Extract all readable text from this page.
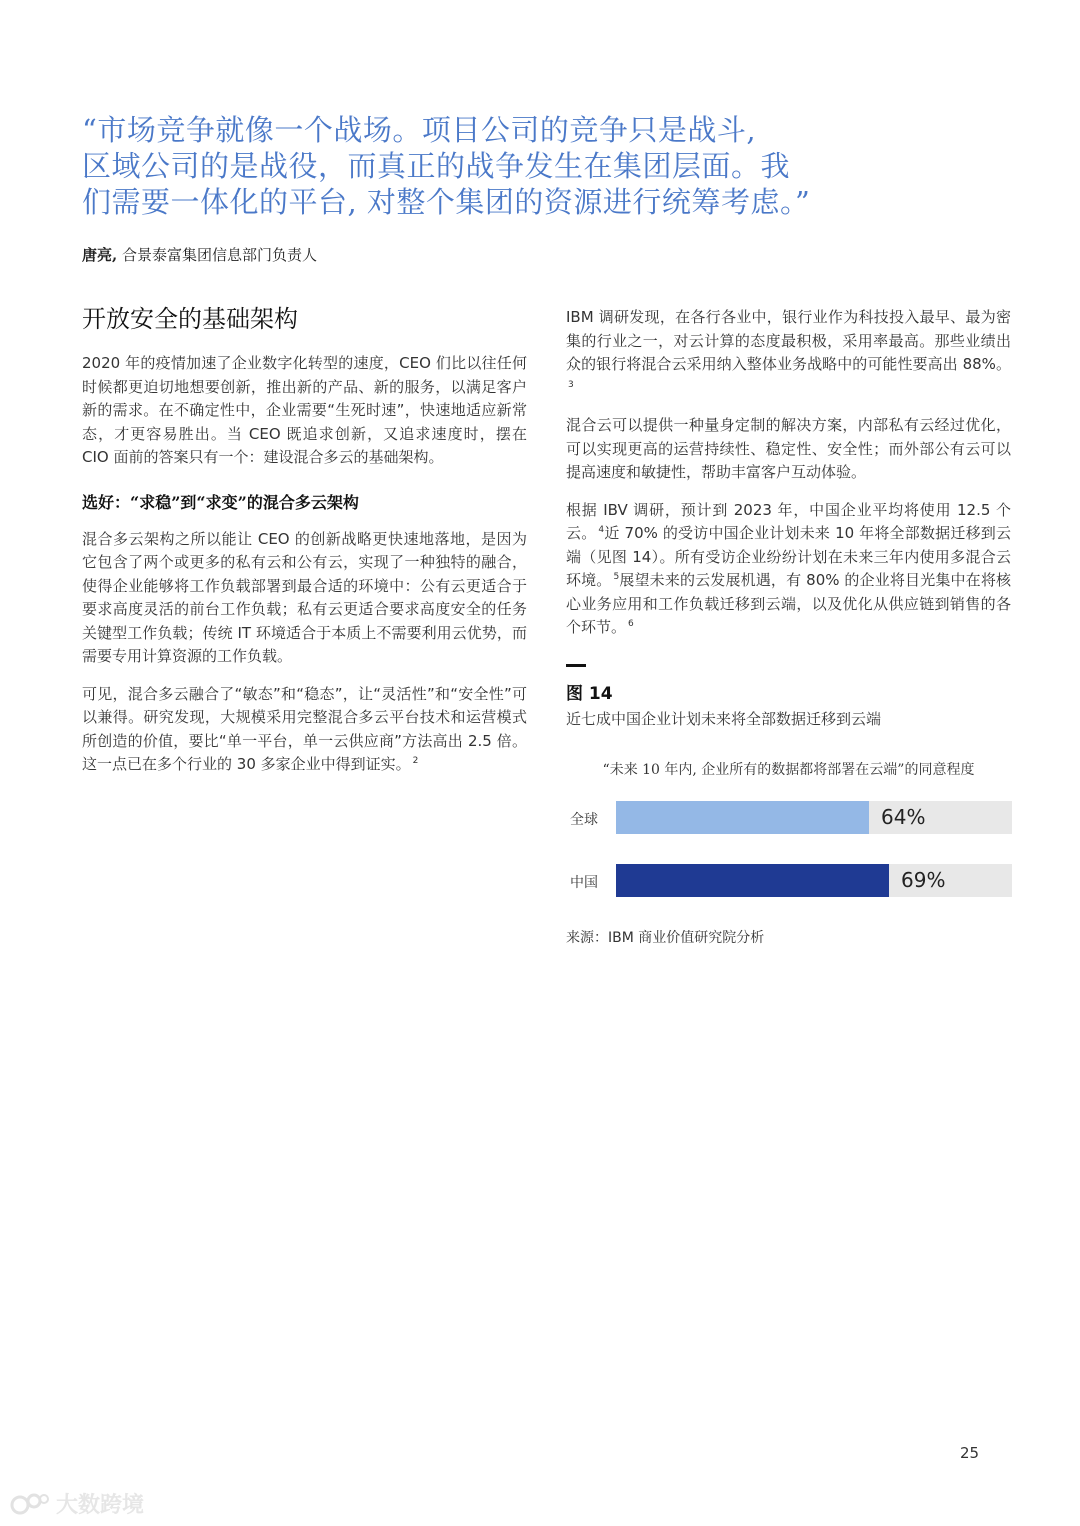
“市场竞争就像一个战场。项目公司的竞争只是战斗,
区域公司的是战役，而真正的战争发生在集团层面。我
们需要一体化的平台, 对整个集团的资源进行统筹考虑。”
唐亮, 合景泰富集团信息部门负责人
开放安全的基础架构

2020 年的疫情加速了企业数字化转型的速度，CEO 们比以往任何时候都更迫切地想要创新，推出新的产品、新的服务，以满足客户新的需求。在不确定性中，企业需要“生死时速”，快速地适应新常态，才更容易胜出。当 CEO 既追求创新，又追求速度时，摆在 CIO 面前的答案只有一个：建设混合多云的基础架构。

选好：“求稳”到“求变”的混合多云架构

混合多云架构之所以能让 CEO 的创新战略更快速地落地，是因为它包含了两个或更多的私有云和公有云，实现了一种独特的融合，使得企业能够将工作负载部署到最合适的环境中：公有云更适合于要求高度灵活的前台工作负载；私有云更适合要求高度安全的任务关键型工作负载；传统 IT 环境适合于本质上不需要利用云优势，而需要专用计算资源的工作负载。

可见，混合多云融合了“敏态”和“稳态”，让“灵活性”和“安全性”可以兼得。研究发现，大规模采用完整混合多云平台技术和运营模式所创造的价值，要比“单一平台，单一云供应商”方法高出 2.5 倍。这一点已在多个行业的 30 多家企业中得到证实。 $^2$

IBM 调研发现，在各行各业中，银行业作为科技投入最早、最为密集的行业之一，对云计算的态度最积极，采用率最高。那些业绩出众的银行将混合云采用纳入整体业务战略中的可能性要高出 88%。$^3$

混合云可以提供一种量身定制的解决方案，内部私有云经过优化，可以实现更高的运营持续性、稳定性、安全性；而外部公有云可以提高速度和敏捷性，帮助丰富客户互动体验。

根据 IBV 调研，预计到 2023 年，中国企业平均将使用 12.5 个云。 $^4$近 70% 的受访中国企业计划未来 10 年将全部数据迁移到云端（见图 14）。所有受访企业纷纷计划在未来三年内使用多混合云环境。 $^5$展望未来的云发展机遇，有 80% 的企业将目光集中在将核心业务应用和工作负载迁移到云端，以及优化从供应链到销售的各个环节。 $^6$

图 14
近七成中国企业计划未来将全部数据迁移到云端
“未来 10 年内, 企业所有的数据都将部署在云端”的同意程度
全球	64%
中国	69%
来源：IBM 商业价值研究院分析
25
大数跨境
